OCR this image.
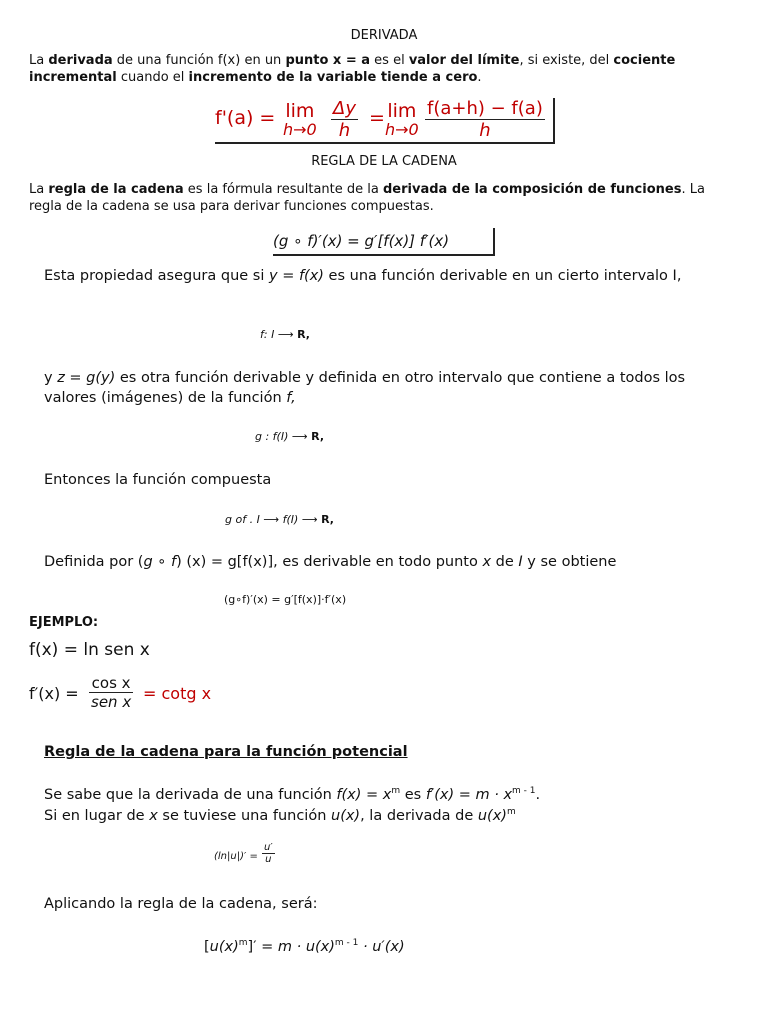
DERIVADA
La derivada de una función f(x) en un punto x = a es el valor del límite, si existe, del cociente incremental cuando el incremento de la variable tiende a cero.
f'(a) = lim
$h\to 0 \frac{\Delta y}{h} = \lim$
$h\to 0 \frac{f(a+h) - f(a)}{h}$
REGLA DE LA CADENA
La regla de la cadena es la fórmula resultante de la derivada de la composición de funciones. La regla de la cadena se usa para derivar funciones compuestas.
(g ∘ f)′(x) = g′[f(x)] f′(x)
Esta propiedad asegura que si y = f(x) es una función derivable en un cierto intervalo I,
f: I ⟶ R,
y z = g(y) es otra función derivable y definida en otro intervalo que contiene a todos los valores (imágenes) de la función f,
g : f(I) ⟶ R,
Entonces la función compuesta
g of . I ⟶ f(I) ⟶ R,
Definida por (g ∘ f) (x) = g[f(x)], es derivable en todo punto x de I y se obtiene
(g∘f)′(x) = g′[f(x)]·f′(x)
EJEMPLO:
f(x) = ln sen x
f′(x) =
cos x
sen x = cotg x
Regla de la cadena para la función potencial
Se sabe que la derivada de una función $f(x) = x^m$ es $f'(x) = m \cdot x^{m - 1}$.
Si en lugar de x se tuviese una función u(x), la derivada de $u(x)^m$
$(\ln|u|)' = \frac{u'}{u}$
Aplicando la regla de la cadena, será:
$[u(x)^m]' = m \cdot u(x)^{m - 1} \cdot u'(x)$
